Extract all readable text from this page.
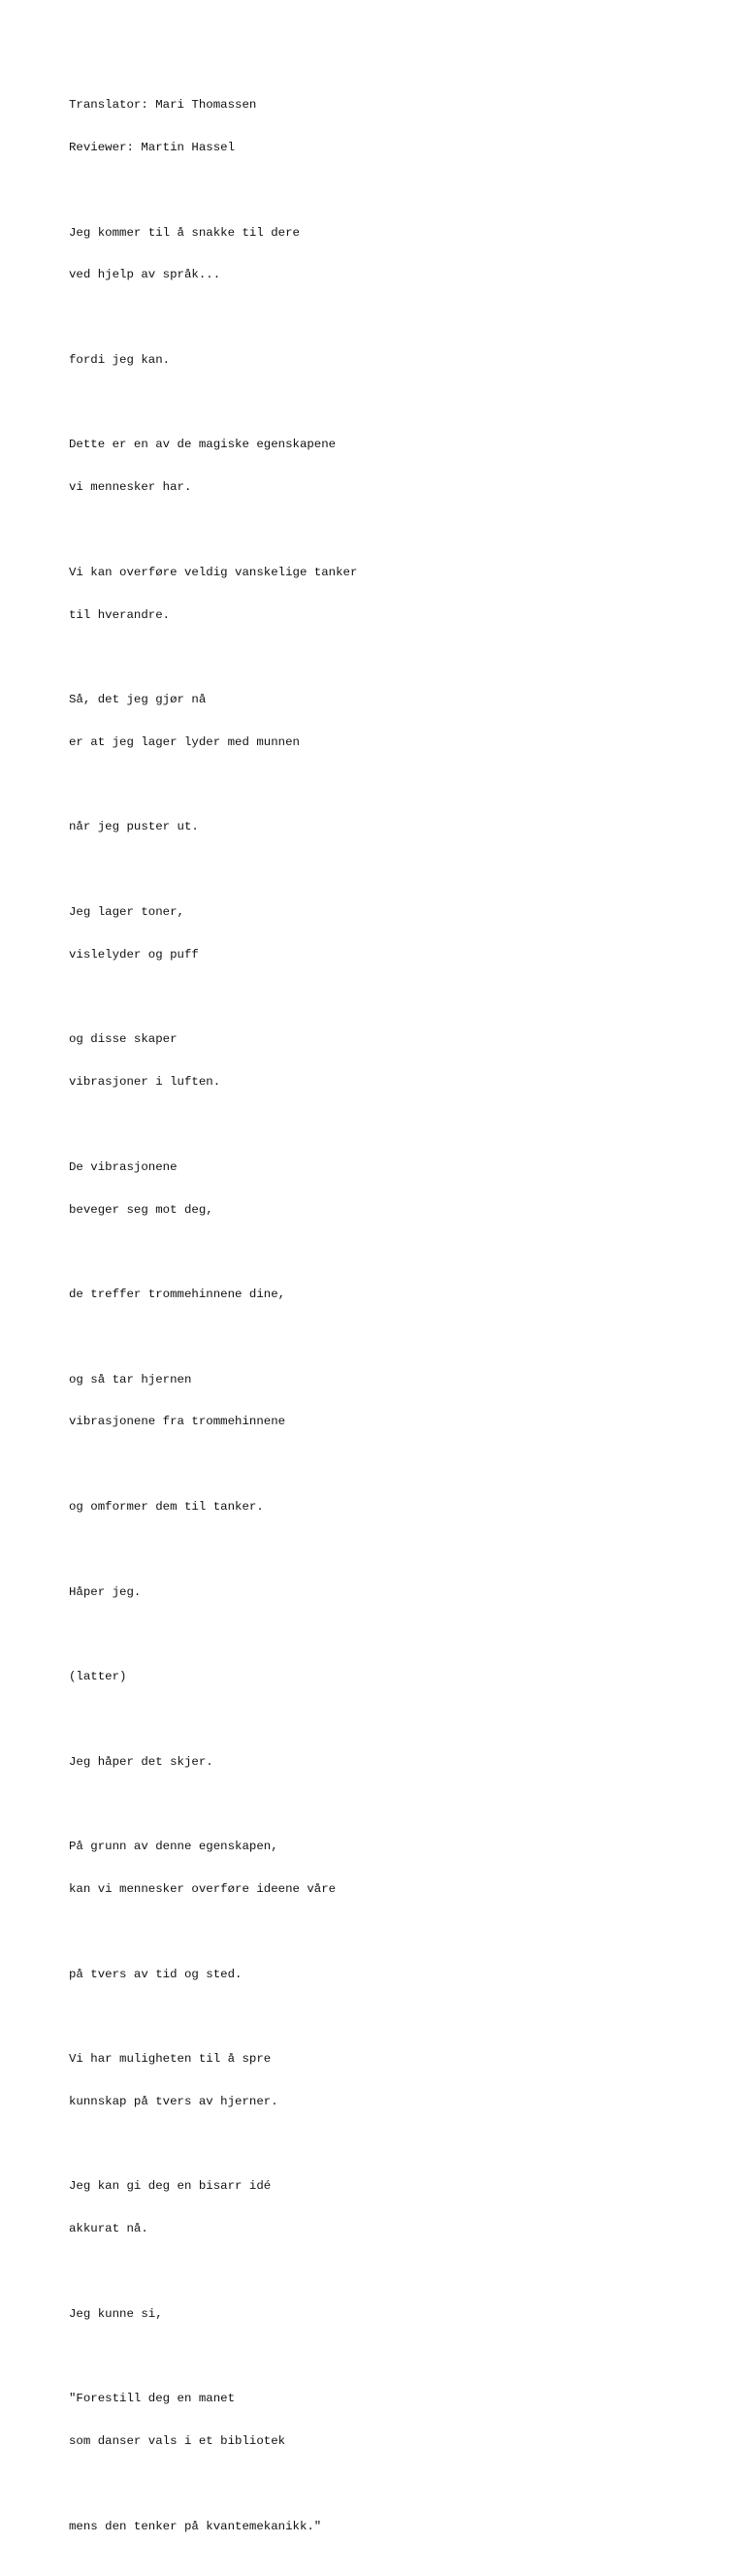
Translator: Mari Thomassen

Reviewer: Martin Hassel

Jeg kommer til å snakke til dere

ved hjelp av språk...

fordi jeg kan.

Dette er en av de magiske egenskapene

vi mennesker har.

Vi kan overføre veldig vanskelige tanker

til hverandre.

Så, det jeg gjør nå

er at jeg lager lyder med munnen

når jeg puster ut.

Jeg lager toner,

vislelyder og puff

og disse skaper

vibrasjoner i luften.

De vibrasjonene

beveger seg mot deg,

de treffer trommehinnene dine,

og så tar hjernen

vibrasjonene fra trommehinnene

og omformer dem til tanker.

Håper jeg.

(latter)

Jeg håper det skjer.

På grunn av denne egenskapen,

kan vi mennesker overføre ideene våre

på tvers av tid og sted.

Vi har muligheten til å spre

kunnskap på tvers av hjerner.

Jeg kan gi deg en bisarr idé

akkurat nå.

Jeg kunne si,

"Forestill deg en manet

som danser vals i et bibliotek

mens den tenker på kvantemekanikk."
